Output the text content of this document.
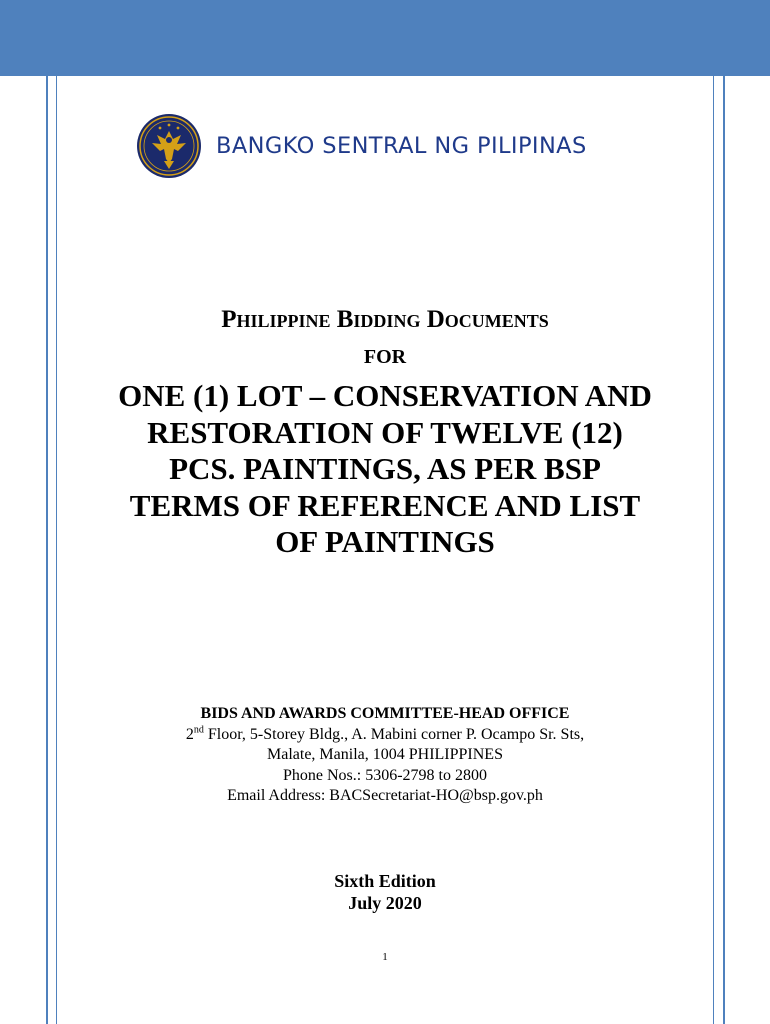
BANGKO SENTRAL NG PILIPINAS
Philippine Bidding Documents
FOR
ONE (1) LOT – CONSERVATION AND
RESTORATION OF TWELVE (12)
PCS. PAINTINGS, AS PER BSP
TERMS OF REFERENCE AND LIST
OF PAINTINGS
BIDS AND AWARDS COMMITTEE-HEAD OFFICE
2nd Floor, 5-Storey Bldg., A. Mabini corner P. Ocampo Sr. Sts,
Malate, Manila, 1004 PHILIPPINES
Phone Nos.: 5306-2798 to 2800
Email Address: BACSecretariat-HO@bsp.gov.ph
Sixth Edition
July 2020
1
